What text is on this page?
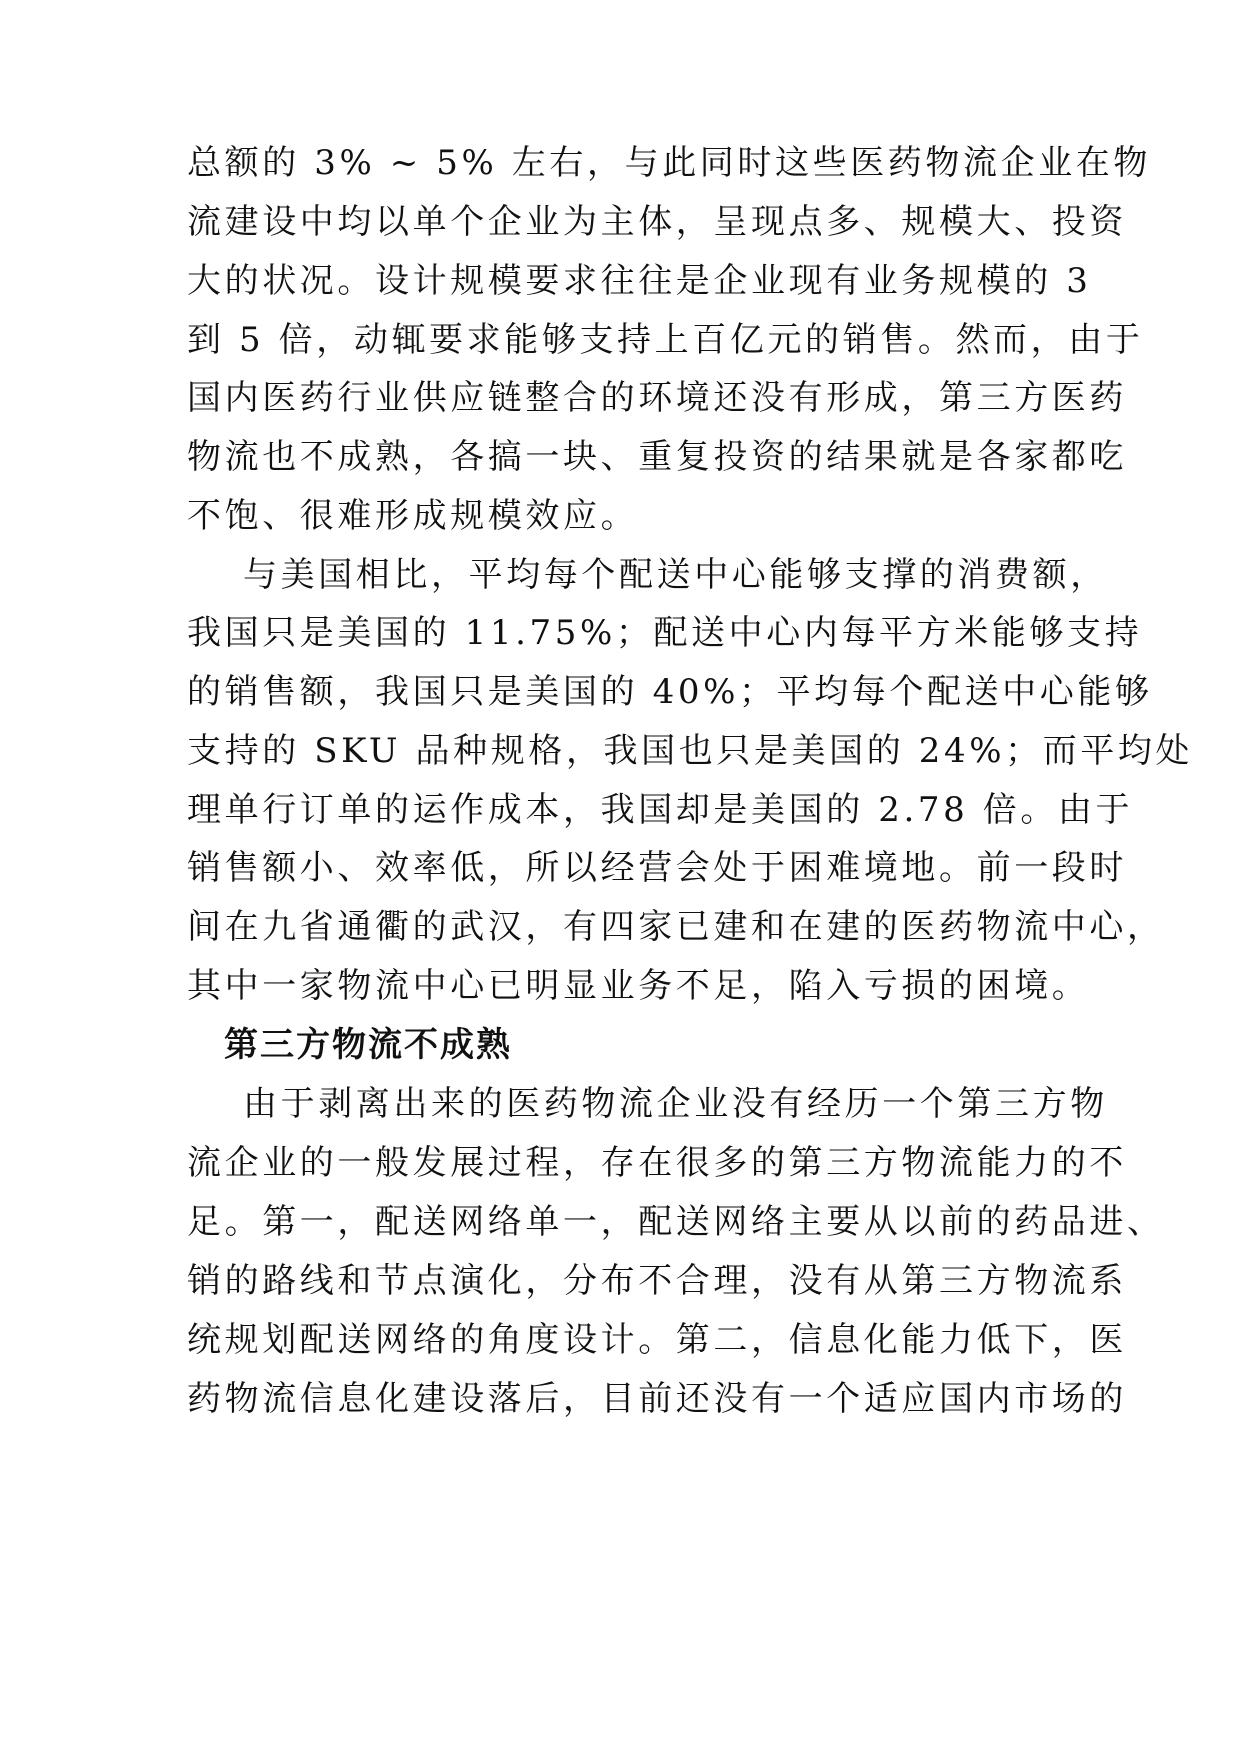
总额的 3% ~ 5% 左右，与此同时这些医药物流企业在物
流建设中均以单个企业为主体，呈现点多、规模大、投资
大的状况。设计规模要求往往是企业现有业务规模的 3
到 5 倍，动辄要求能够支持上百亿元的销售。然而，由于
国内医药行业供应链整合的环境还没有形成，第三方医药
物流也不成熟，各搞一块、重复投资的结果就是各家都吃
不饱、很难形成规模效应。
与美国相比，平均每个配送中心能够支撑的消费额，
我国只是美国的 11.75%；配送中心内每平方米能够支持
的销售额，我国只是美国的 40%；平均每个配送中心能够
支持的 SKU 品种规格，我国也只是美国的 24%；而平均处
理单行订单的运作成本，我国却是美国的 2.78 倍。由于
销售额小、效率低，所以经营会处于困难境地。前一段时
间在九省通衢的武汉，有四家已建和在建的医药物流中心，
其中一家物流中心已明显业务不足，陷入亏损的困境。
第三方物流不成熟
由于剥离出来的医药物流企业没有经历一个第三方物
流企业的一般发展过程，存在很多的第三方物流能力的不
足。第一，配送网络单一，配送网络主要从以前的药品进、
销的路线和节点演化，分布不合理，没有从第三方物流系
统规划配送网络的角度设计。第二，信息化能力低下，医
药物流信息化建设落后，目前还没有一个适应国内市场的
